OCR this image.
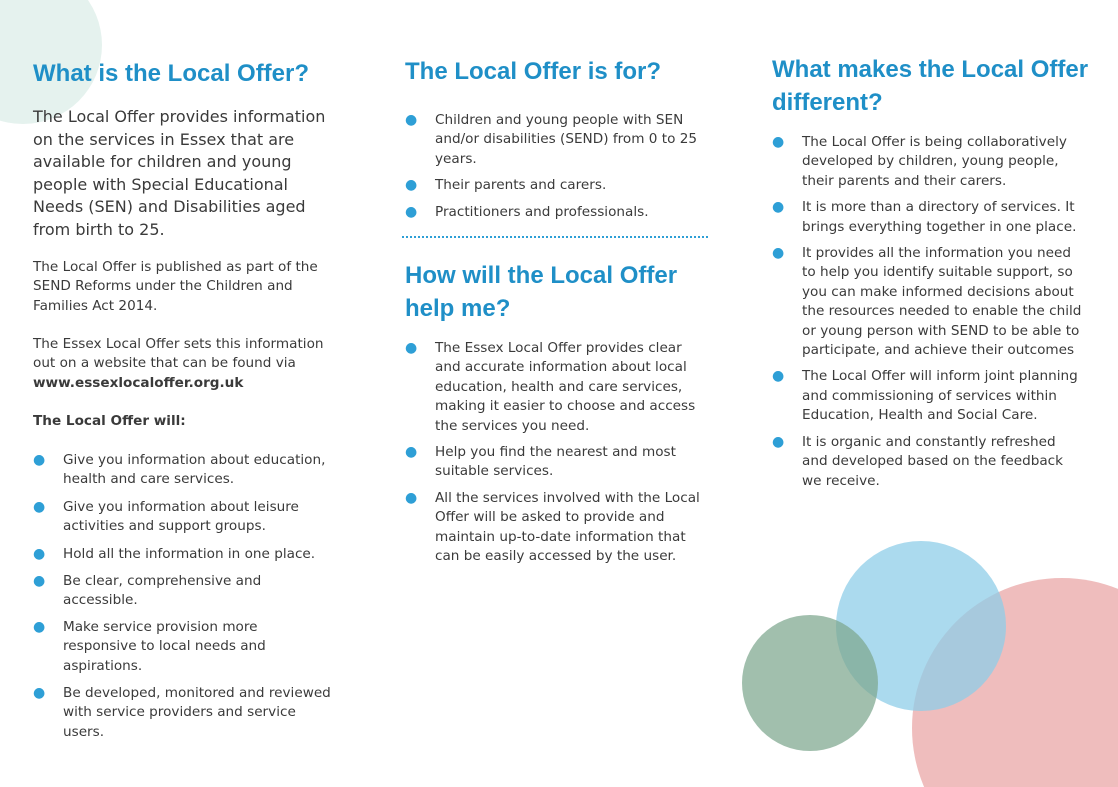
What is the Local Offer?

The Local Offer provides information on the services in Essex that are available for children and young people with Special Educational Needs (SEN) and Disabilities aged from birth to 25.

The Local Offer is published as part of the SEND Reforms under the Children and Families Act 2014.

The Essex Local Offer sets this information out on a website that can be found via
www.essexlocaloffer.org.uk

The Local Offer will:

● Give you information about education, health and care services.
● Give you information about leisure activities and support groups.
● Hold all the information in one place.
● Be clear, comprehensive and accessible.
● Make service provision more responsive to local needs and aspirations.
● Be developed, monitored and reviewed with service providers and service users.
The Local Offer is for?
● Children and young people with SEN and/or disabilities (SEND) from 0 to 25 years.
● Their parents and carers.
● Practitioners and professionals.
How will the Local Offer help me?
● The Essex Local Offer provides clear and accurate information about local education, health and care services, making it easier to choose and access the services you need.
● Help you find the nearest and most suitable services.
● All the services involved with the Local Offer will be asked to provide and maintain up-to-date information that can be easily accessed by the user.
What makes the Local Offer different?
● The Local Offer is being collaboratively developed by children, young people, their parents and their carers.
● It is more than a directory of services. It brings everything together in one place.
● It provides all the information you need to help you identify suitable support, so you can make informed decisions about the resources needed to enable the child or young person with SEND to be able to participate, and achieve their outcomes
● The Local Offer will inform joint planning and commissioning of services within Education, Health and Social Care.
● It is organic and constantly refreshed and developed based on the feedback we receive.
